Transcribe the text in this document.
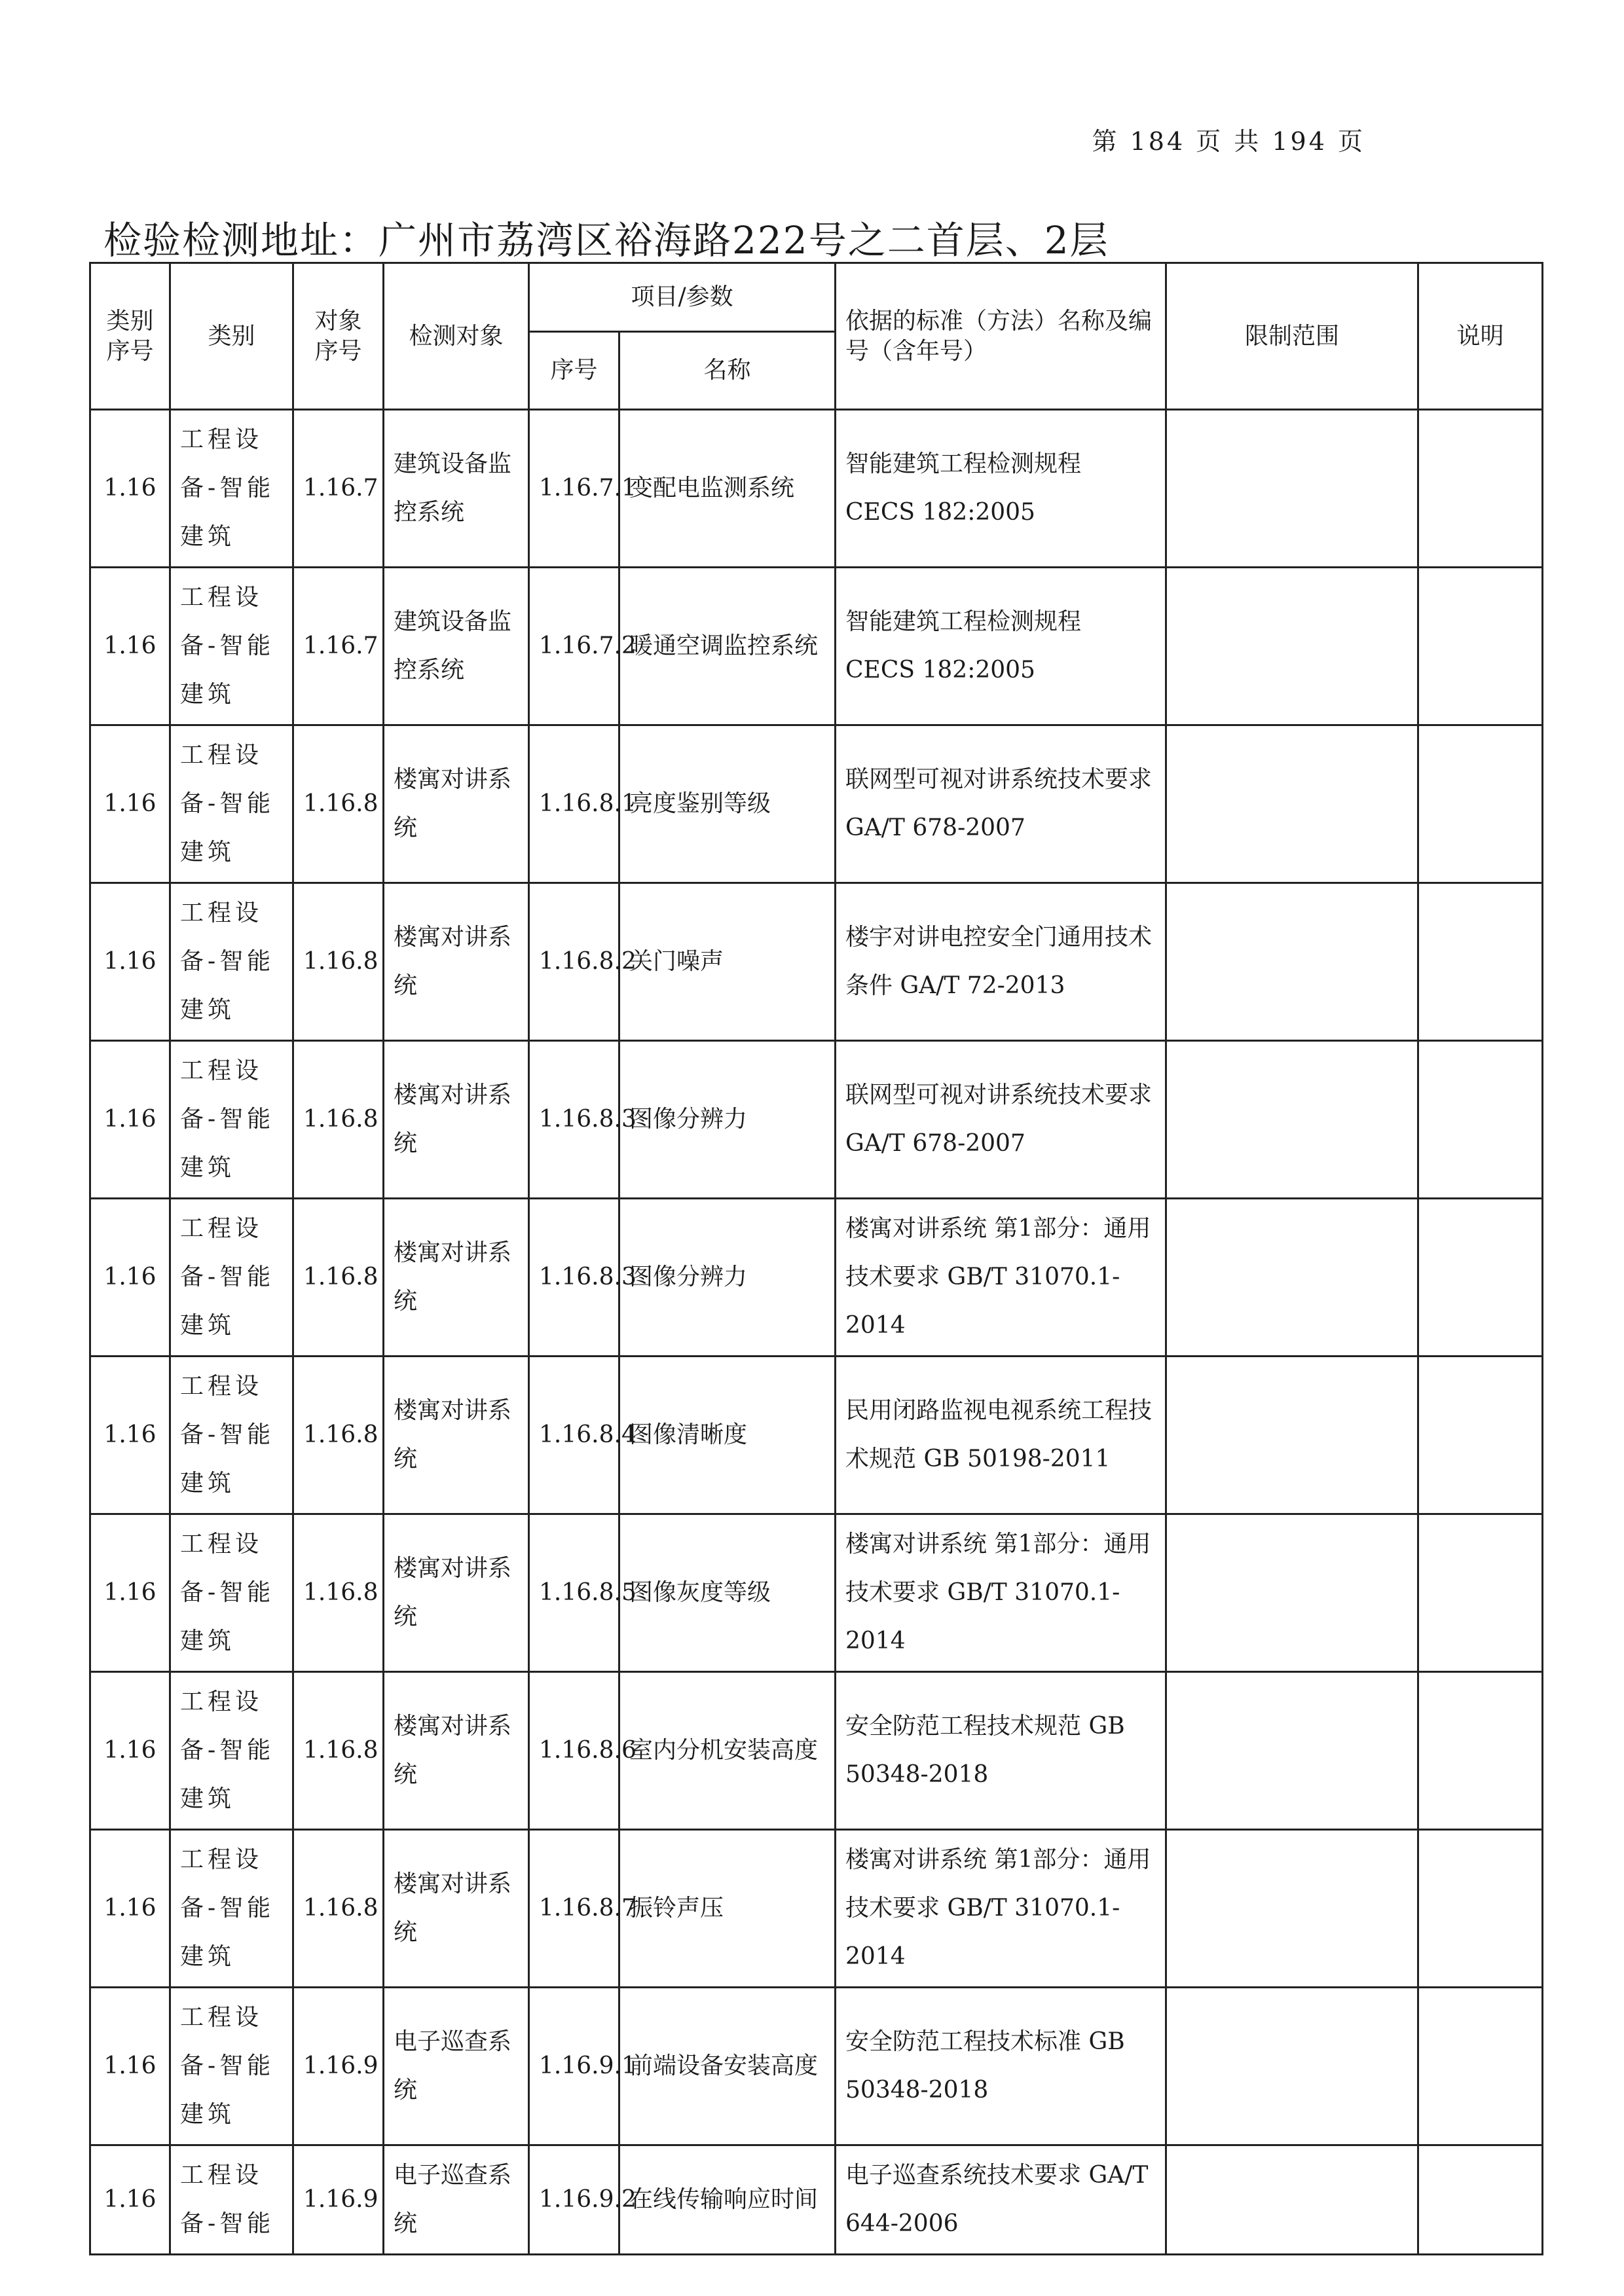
第 184 页 共 194 页
检验检测地址：广州市荔湾区裕海路222号之二首层、2层
类别序号	类别	对象序号	检测对象	项目/参数		依据的标准（方法）名称及编号（含年号）	限制范围	说明
				序号	名称			
1.16	工程设备-智能建筑	1.16.7	建筑设备监控系统	1.16.7.1	变配电监测系统	智能建筑工程检测规程 CECS 182:2005		
1.16	工程设备-智能建筑	1.16.7	建筑设备监控系统	1.16.7.2	暖通空调监控系统	智能建筑工程检测规程 CECS 182:2005		
1.16	工程设备-智能建筑	1.16.8	楼寓对讲系统	1.16.8.1	亮度鉴别等级	联网型可视对讲系统技术要求 GA/T 678-2007		
1.16	工程设备-智能建筑	1.16.8	楼寓对讲系统	1.16.8.2	关门噪声	楼宇对讲电控安全门通用技术条件 GA/T 72-2013		
1.16	工程设备-智能建筑	1.16.8	楼寓对讲系统	1.16.8.3	图像分辨力	联网型可视对讲系统技术要求 GA/T 678-2007		
1.16	工程设备-智能建筑	1.16.8	楼寓对讲系统	1.16.8.3	图像分辨力	楼寓对讲系统 第1部分：通用技术要求 GB/T 31070.1-2014		
1.16	工程设备-智能建筑	1.16.8	楼寓对讲系统	1.16.8.4	图像清晰度	民用闭路监视电视系统工程技术规范 GB 50198-2011		
1.16	工程设备-智能建筑	1.16.8	楼寓对讲系统	1.16.8.5	图像灰度等级	楼寓对讲系统 第1部分：通用技术要求 GB/T 31070.1-2014		
1.16	工程设备-智能建筑	1.16.8	楼寓对讲系统	1.16.8.6	室内分机安装高度	安全防范工程技术规范 GB 50348-2018		
1.16	工程设备-智能建筑	1.16.8	楼寓对讲系统	1.16.8.7	振铃声压	楼寓对讲系统 第1部分：通用技术要求 GB/T 31070.1-2014		
1.16	工程设备-智能建筑	1.16.9	电子巡查系统	1.16.9.1	前端设备安装高度	安全防范工程技术标准 GB 50348-2018		
1.16	工程设备-智能	1.16.9	电子巡查系统	1.16.9.2	在线传输响应时间	电子巡查系统技术要求 GA/T 644-2006		
